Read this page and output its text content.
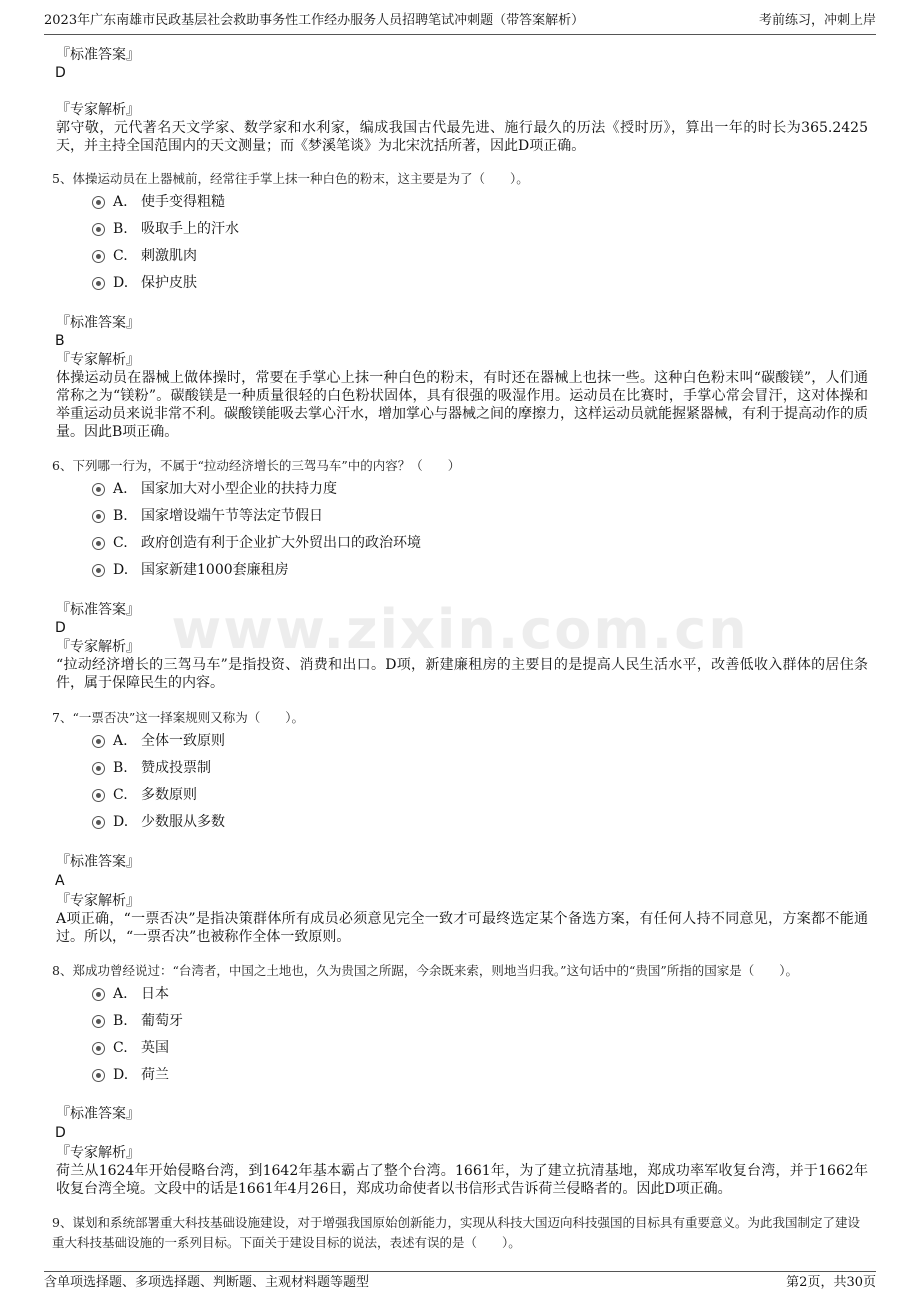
2023年广东南雄市民政基层社会救助事务性工作经办服务人员招聘笔试冲刺题（带答案解析）	考前练习，冲刺上岸
www.zixin.com.cn
『标准答案』
D
『专家解析』
郭守敬，元代著名天文学家、数学家和水利家，编成我国古代最先进、施行最久的历法《授时历》，算出一年的时长为365.2425天，并主持全国范围内的天文测量；而《梦溪笔谈》为北宋沈括所著，因此D项正确。
5、体操运动员在上器械前，经常往手掌上抹一种白色的粉末，这主要是为了（　　）。
A. 使手变得粗糙
B. 吸取手上的汗水
C. 刺激肌肉
D. 保护皮肤
『标准答案』
B
『专家解析』
体操运动员在器械上做体操时，常要在手掌心上抹一种白色的粉末，有时还在器械上也抹一些。这种白色粉末叫“碳酸镁”，人们通常称之为“镁粉”。碳酸镁是一种质量很轻的白色粉状固体，具有很强的吸湿作用。运动员在比赛时，手掌心常会冒汗，这对体操和举重运动员来说非常不利。碳酸镁能吸去掌心汗水，增加掌心与器械之间的摩擦力，这样运动员就能握紧器械，有利于提高动作的质量。因此B项正确。
6、下列哪一行为，不属于“拉动经济增长的三驾马车”中的内容？（　　）
A. 国家加大对小型企业的扶持力度
B. 国家增设端午节等法定节假日
C. 政府创造有利于企业扩大外贸出口的政治环境
D. 国家新建1000套廉租房
『标准答案』
D
『专家解析』
“拉动经济增长的三驾马车”是指投资、消费和出口。D项，新建廉租房的主要目的是提高人民生活水平，改善低收入群体的居住条件，属于保障民生的内容。
7、“一票否决”这一择案规则又称为（　　）。
A. 全体一致原则
B. 赞成投票制
C. 多数原则
D. 少数服从多数
『标准答案』
A
『专家解析』
A项正确，“一票否决”是指决策群体所有成员必须意见完全一致才可最终选定某个备选方案，有任何人持不同意见，方案都不能通过。所以，“一票否决”也被称作全体一致原则。
8、郑成功曾经说过：“台湾者，中国之土地也，久为贵国之所踞，今余既来索，则地当归我。”这句话中的“贵国”所指的国家是（　　）。
A. 日本
B. 葡萄牙
C. 英国
D. 荷兰
『标准答案』
D
『专家解析』
荷兰从1624年开始侵略台湾，到1642年基本霸占了整个台湾。1661年，为了建立抗清基地，郑成功率军收复台湾，并于1662年收复台湾全境。文段中的话是1661年4月26日，郑成功命使者以书信形式告诉荷兰侵略者的。因此D项正确。
9、谋划和系统部署重大科技基础设施建设，对于增强我国原始创新能力，实现从科技大国迈向科技强国的目标具有重要意义。为此我国制定了建设重大科技基础设施的一系列目标。下面关于建设目标的说法，表述有误的是（　　）。
含单项选择题、多项选择题、判断题、主观材料题等题型	第2页，共30页
